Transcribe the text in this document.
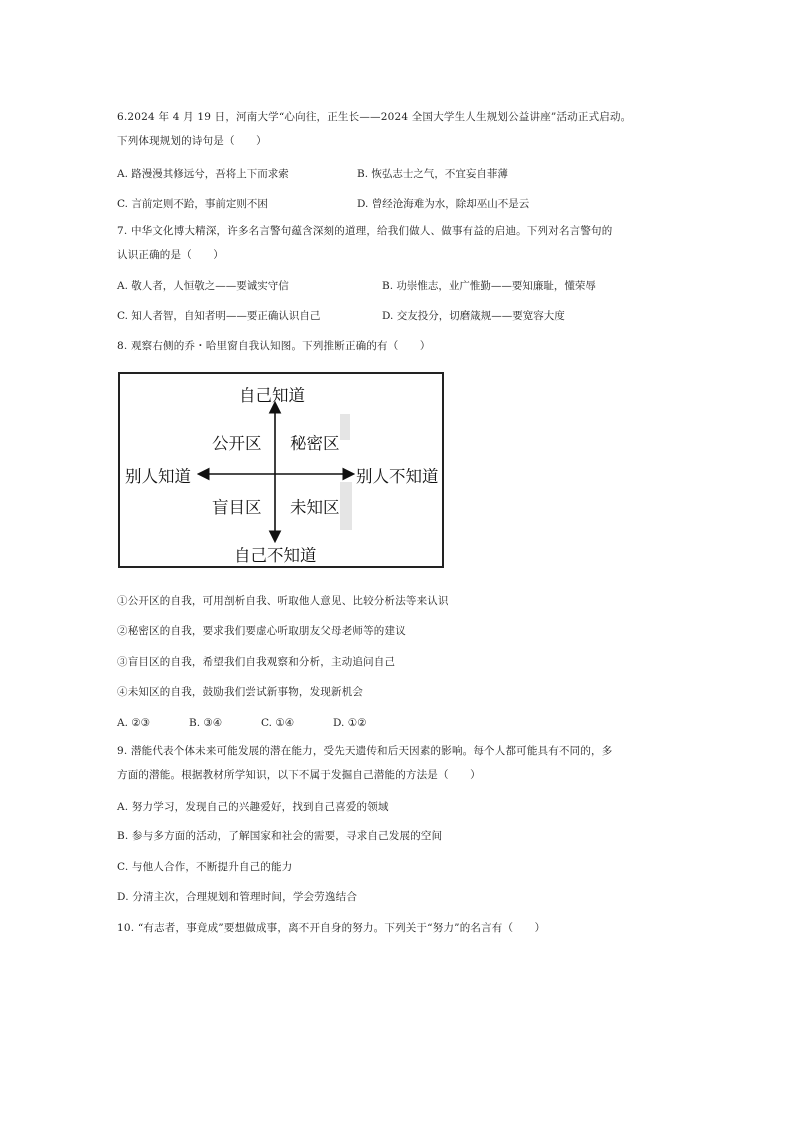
6.2024 年 4 月 19 日，河南大学“心向往，正生长——2024 全国大学生人生规划公益讲座”活动正式启动。
下列体现规划的诗句是（　　）
A. 路漫漫其修远兮，吾将上下而求索	B. 恢弘志士之气，不宜妄自菲薄
C. 言前定则不跲，事前定则不困	D. 曾经沧海难为水，除却巫山不是云
7. 中华文化博大精深，许多名言警句蕴含深刻的道理，给我们做人、做事有益的启迪。下列对名言警句的
认识正确的是（　　）
A. 敬人者，人恒敬之——要诚实守信	B. 功崇惟志，业广惟勤——要知廉耻，懂荣辱
C. 知人者智，自知者明——要正确认识自己	D. 交友投分，切磨箴规——要宽容大度
8. 观察右侧的乔・哈里窗自我认知图。下列推断正确的有（　　）
自己知道
自己不知道
别人知道	别人不知道
公开区 秘密区
盲目区 未知区
①公开区的自我，可用剖析自我、听取他人意见、比较分析法等来认识
②秘密区的自我，要求我们要虚心听取朋友父母老师等的建议
③盲目区的自我，希望我们自我观察和分析，主动追问自己
④未知区的自我，鼓励我们尝试新事物，发现新机会
A. ②③	B. ③④	C. ①④	D. ①②
9. 潜能代表个体未来可能发展的潜在能力，受先天遗传和后天因素的影响。每个人都可能具有不同的，多
方面的潜能。根据教材所学知识，以下不属于发掘自己潜能的方法是（　　）
A. 努力学习，发现自己的兴趣爱好，找到自己喜爱的领域
B. 参与多方面的活动，了解国家和社会的需要，寻求自己发展的空间
C. 与他人合作，不断提升自己的能力
D. 分清主次，合理规划和管理时间，学会劳逸结合
10. “有志者，事竟成”要想做成事，离不开自身的努力。下列关于“努力”的名言有（　　）
